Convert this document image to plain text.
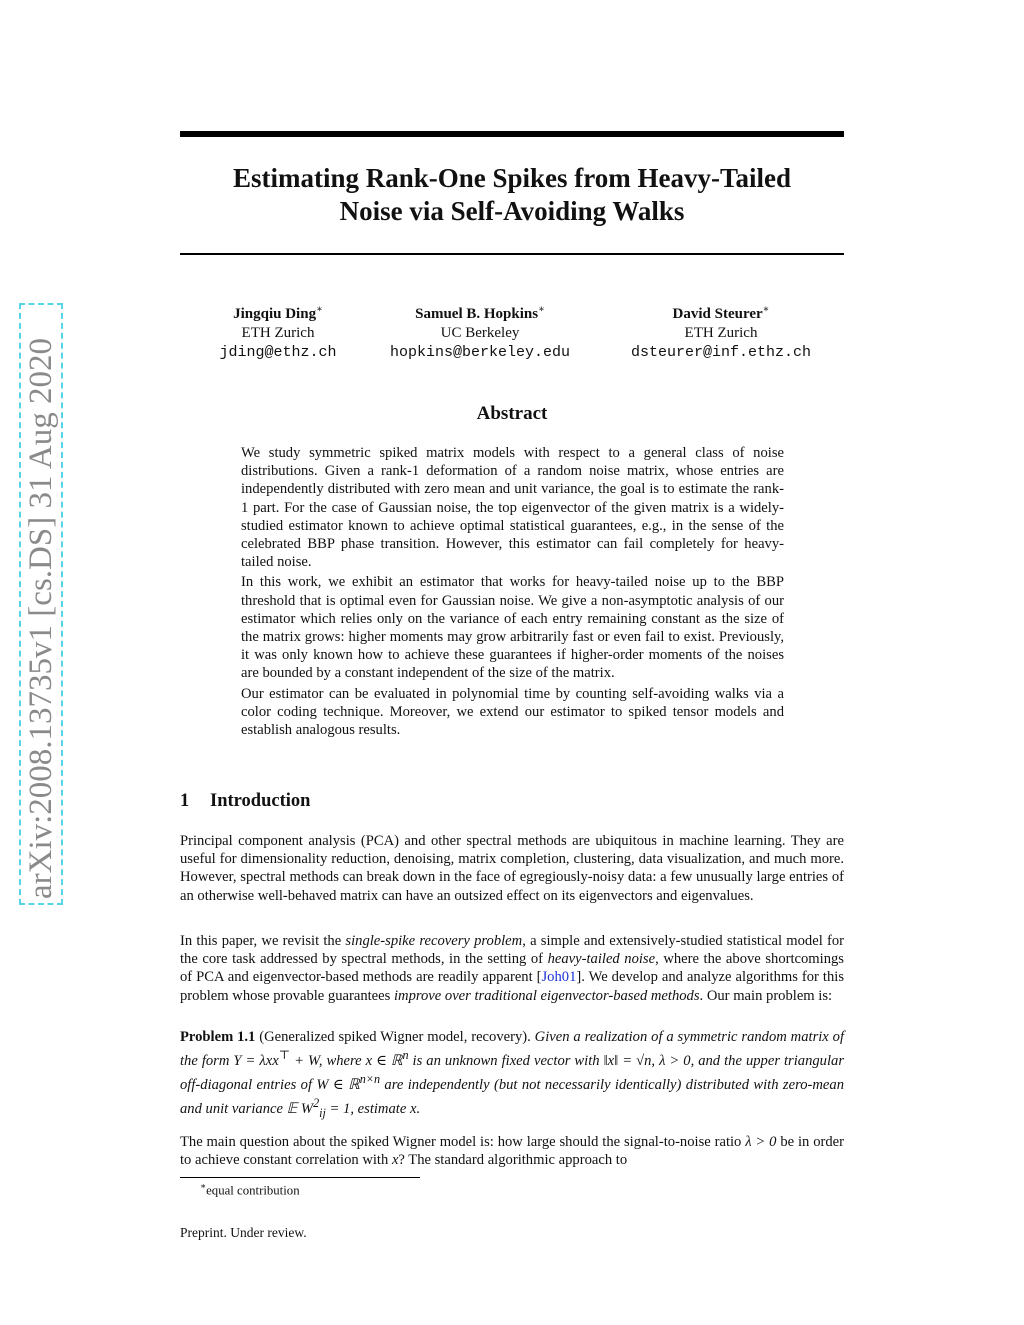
arXiv:2008.13735v1 [cs.DS] 31 Aug 2020
Estimating Rank-One Spikes from Heavy-Tailed
Noise via Self-Avoiding Walks
Jingqiu Ding∗
ETH Zurich
jding@ethz.ch
Samuel B. Hopkins∗
UC Berkeley
hopkins@berkeley.edu
David Steurer∗
ETH Zurich
dsteurer@inf.ethz.ch
Abstract

We study symmetric spiked matrix models with respect to a general class of noise distributions. Given a rank-1 deformation of a random noise matrix, whose entries are independently distributed with zero mean and unit variance, the goal is to estimate the rank-1 part. For the case of Gaussian noise, the top eigenvector of the given matrix is a widely-studied estimator known to achieve optimal statistical guarantees, e.g., in the sense of the celebrated BBP phase transition. However, this estimator can fail completely for heavy-tailed noise.

In this work, we exhibit an estimator that works for heavy-tailed noise up to the BBP threshold that is optimal even for Gaussian noise. We give a non-asymptotic analysis of our estimator which relies only on the variance of each entry remaining constant as the size of the matrix grows: higher moments may grow arbitrarily fast or even fail to exist. Previously, it was only known how to achieve these guarantees if higher-order moments of the noises are bounded by a constant independent of the size of the matrix.

Our estimator can be evaluated in polynomial time by counting self-avoiding walks via a color coding technique. Moreover, we extend our estimator to spiked tensor models and establish analogous results.

1 Introduction

Principal component analysis (PCA) and other spectral methods are ubiquitous in machine learning. They are useful for dimensionality reduction, denoising, matrix completion, clustering, data visualization, and much more. However, spectral methods can break down in the face of egregiously-noisy data: a few unusually large entries of an otherwise well-behaved matrix can have an outsized effect on its eigenvectors and eigenvalues.

In this paper, we revisit the single-spike recovery problem, a simple and extensively-studied statistical model for the core task addressed by spectral methods, in the setting of heavy-tailed noise, where the above shortcomings of PCA and eigenvector-based methods are readily apparent [Joh01]. We develop and analyze algorithms for this problem whose provable guarantees improve over traditional eigenvector-based methods. Our main problem is:

Problem 1.1 (Generalized spiked Wigner model, recovery). Given a realization of a symmetric random matrix of the form Y = λxx⊤ + W, where x ∈ ℝ$^n$ is an unknown fixed vector with ‖x‖ = √n, λ > 0, and the upper triangular off-diagonal entries of W ∈ ℝ$^{n\times n}$ are independently (but not necessarily identically) distributed with zero-mean and unit variance 𝔼 $W^2_{ij} = 1$, estimate x.

The main question about the spiked Wigner model is: how large should the signal-to-noise ratio λ > 0 be in order to achieve constant correlation with x? The standard algorithmic approach to

∗equal contribution
Preprint. Under review.
